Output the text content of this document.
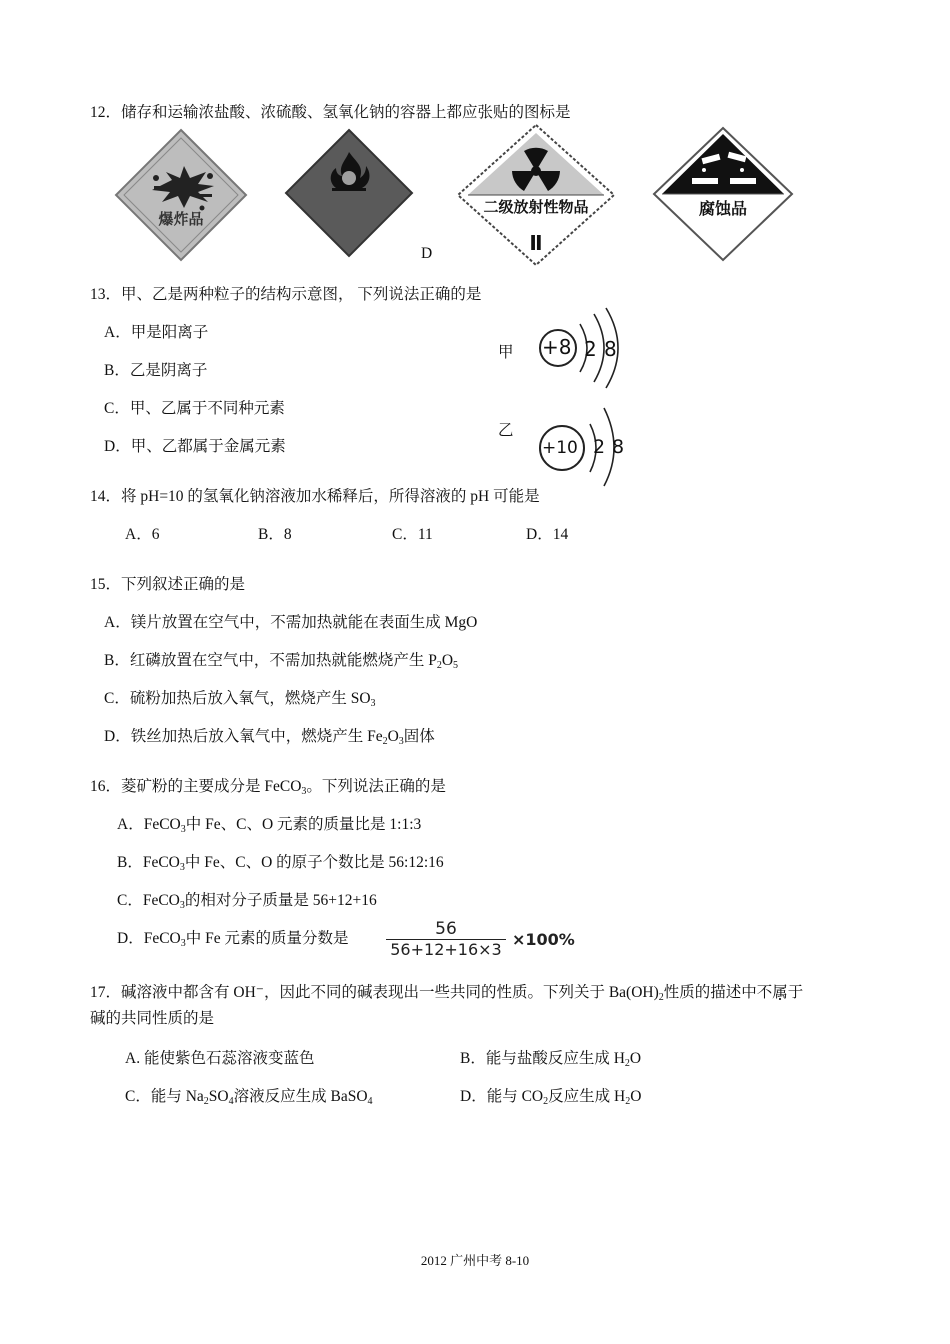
12．储存和运输浓盐酸、浓硫酸、氢氧化钠的容器上都应张贴的图标是
爆炸品
D
二级放射性物品
Ⅱ
腐蚀品
13．甲、乙是两种粒子的结构示意图， 下列说法正确的是
A．甲是阳离子
B．乙是阴离子
C．甲、乙属于不同种元素
D．甲、乙都属于金属元素
甲 +8 2 8
乙
+10 2 8
14．将 pH=10 的氢氧化钠溶液加水稀释后，所得溶液的 pH 可能是
A．6	B．8	C．11	D．14
15．下列叙述正确的是
A．镁片放置在空气中，不需加热就能在表面生成 MgO
B．红磷放置在空气中，不需加热就能燃烧产生 $P_2O_5$
C．硫粉加热后放入氧气，燃烧产生 $SO_3$
D．铁丝加热后放入氧气中，燃烧产生 $Fe_2O_3$固体
16．菱矿粉的主要成分是 FeCO$_3$。下列说法正确的是
A．FeCO$_3$中 Fe、C、O 元素的质量比是 1:1:3
B．FeCO$_3$中 Fe、C、O 的原子个数比是 56:12:16
C．FeCO$_3$的相对分子质量是 56+12+16
D．FeCO$_3$中 Fe 元素的质量分数是	56
56+12+16×3
×100%
17．碱溶液中都含有 OH⁻，因此不同的碱表现出一些共同的性质。下列关于 $Ba(OH)_2$性质的描述中不属于
碱的共同性质的是
A. 能使紫色石蕊溶液变蓝色	B．能与盐酸反应生成 $H_2O$
C．能与 $Na_2SO_4$溶液反应生成 BaSO$_4$	D．能与 $CO_2$反应生成 $H_2O$
2012 广州中考 8-10
